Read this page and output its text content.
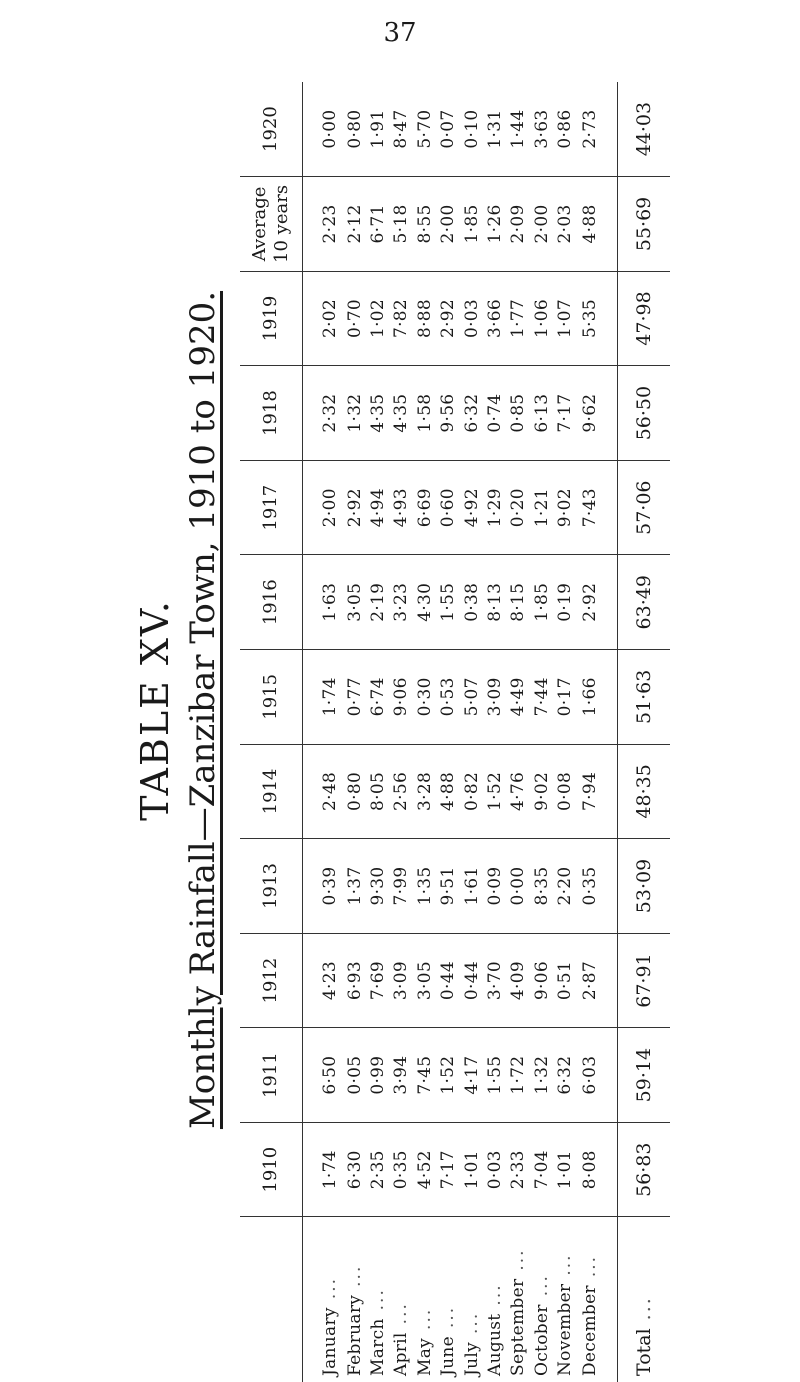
37
TABLE XV. Monthly Rainfall—Zanzibar Town, 1910 to 1920.
	1910	1911	1912	1913	1914	1915	1916	1917	1918	1919	Average 10 years	1920
January...	1·74	6·50	4·23	0·39	2·48	1·74	1·63	2·00	2·32	2·02	2·23	0·00
February...	6·30	0·05	6·93	1·37	0·80	0·77	3·05	2·92	1·32	0·70	2·12	0·80
March...	2·35	0·99	7·69	9·30	8·05	6·74	2·19	4·94	4·35	1·02	6·71	1·91
April...	0·35	3·94	3·09	7·99	2·56	9·06	3·23	4·93	4·35	7·82	5·18	8·47
May...	4·52	7·45	3·05	1·35	3·28	0·30	4·30	6·69	1·58	8·88	8·55	5·70
June...	7·17	1·52	0·44	9·51	4·88	0·53	1·55	0·60	9·56	2·92	2·00	0·07
July...	1·01	4·17	0·44	1·61	0·82	5·07	0·38	4·92	6·32	0·03	1·85	0·10
August...	0·03	1·55	3·70	0·09	1·52	3·09	8·13	1·29	0·74	3·66	1·26	1·31
September...	2·33	1·72	4·09	0·00	4·76	4·49	8·15	0·20	0·85	1·77	2·09	1·44
October...	7·04	1·32	9·06	8·35	9·02	7·44	1·85	1·21	6·13	1·06	2·00	3·63
November...	1·01	6·32	0·51	2·20	0·08	0·17	0·19	9·02	7·17	1·07	2·03	0·86
December...	8·08	6·03	2·87	0·35	7·94	1·66	2·92	7·43	9·62	5·35	4·88	2·73
Total...	56·83	59·14	67·91	53·09	48·35	51·63	63·49	57·06	56·50	47·98	55·69	44·03
